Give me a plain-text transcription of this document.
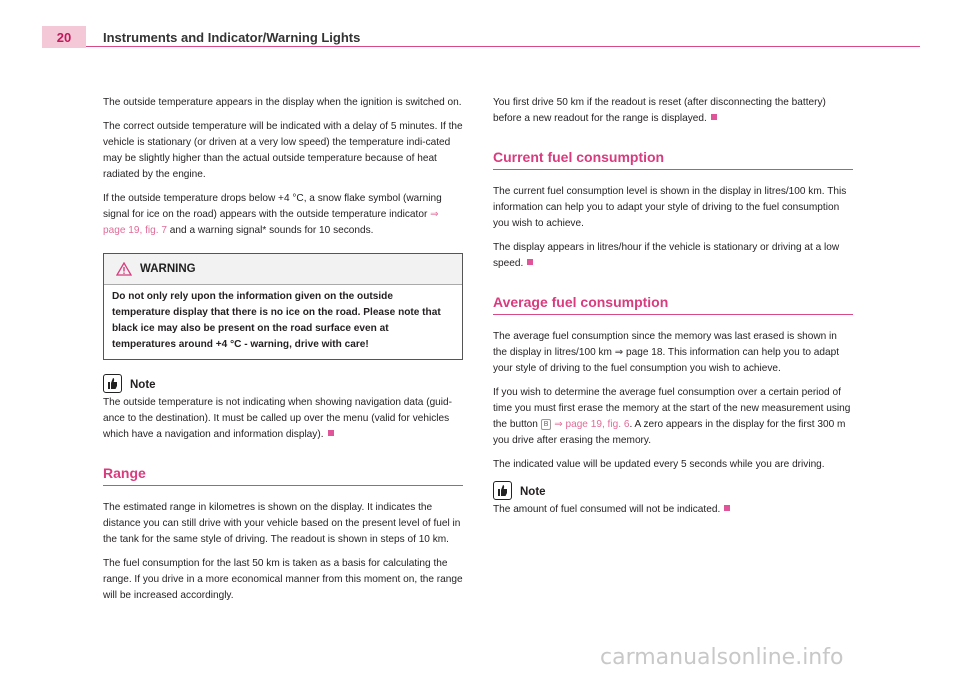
20	Instruments and Indicator/Warning Lights

The outside temperature appears in the display when the ignition is switched on.

The correct outside temperature will be indicated with a delay of 5 minutes. If the vehicle is stationary (or driven at a very low speed) the temperature indi-cated may be slightly higher than the actual outside temperature because of heat radiated by the engine.

If the outside temperature drops below +4 °C, a snow flake symbol (warning signal for ice on the road) appears with the outside temperature indicator ⇒ page 19, fig. 7 and a warning signal* sounds for 10 seconds.

WARNING
Do not only rely upon the information given on the outside temperature display that there is no ice on the road. Please note that black ice may also be present on the road surface even at temperatures around +4 °C - warning, drive with care!
Note

The outside temperature is not indicating when showing navigation data (guid-ance to the destination). It must be called up over the menu (valid for vehicles which have a navigation and information display).

Range

The estimated range in kilometres is shown on the display. It indicates the distance you can still drive with your vehicle based on the present level of fuel in the tank for the same style of driving. The readout is shown in steps of 10 km.

The fuel consumption for the last 50 km is taken as a basis for calculating the range. If you drive in a more economical manner from this moment on, the range will be increased accordingly.

You first drive 50 km if the readout is reset (after disconnecting the battery) before a new readout for the range is displayed.

Current fuel consumption

The current fuel consumption level is shown in the display in litres/100 km. This information can help you to adapt your style of driving to the fuel consumption you wish to achieve.

The display appears in litres/hour if the vehicle is stationary or driving at a low speed.

Average fuel consumption

The average fuel consumption since the memory was last erased is shown in the display in litres/100 km ⇒ page 18. This information can help you to adapt your style of driving to the fuel consumption you wish to achieve.

If you wish to determine the average fuel consumption over a certain period of time you must first erase the memory at the start of the new measurement using the button B ⇒ page 19, fig. 6. A zero appears in the display for the first 300 m you drive after erasing the memory.

The indicated value will be updated every 5 seconds while you are driving.

Note

The amount of fuel consumed will not be indicated.

carmanualsonline.info
